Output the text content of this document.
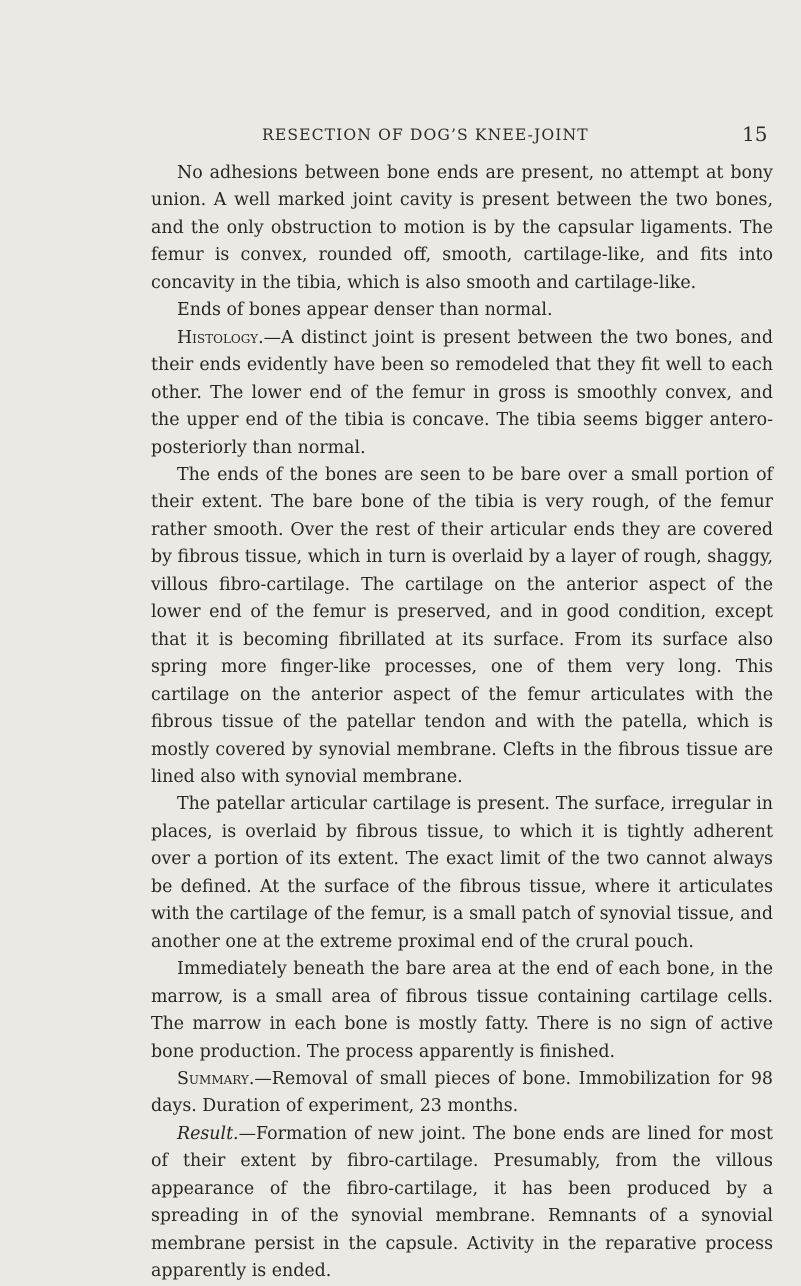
RESECTION OF DOG’S KNEE-JOINT	15

No adhesions between bone ends are present, no attempt at bony union. A well marked joint cavity is present between the two bones, and the only obstruction to motion is by the capsular ligaments. The femur is convex, rounded off, smooth, cartilage-like, and fits into concavity in the tibia, which is also smooth and cartilage-like.

Ends of bones appear denser than normal.

Histology.—A distinct joint is present between the two bones, and their ends evidently have been so remodeled that they fit well to each other. The lower end of the femur in gross is smoothly convex, and the upper end of the tibia is concave. The tibia seems bigger antero-posteriorly than normal.

The ends of the bones are seen to be bare over a small portion of their extent. The bare bone of the tibia is very rough, of the femur rather smooth. Over the rest of their articular ends they are covered by fibrous tissue, which in turn is overlaid by a layer of rough, shaggy, villous fibro-cartilage. The cartilage on the anterior aspect of the lower end of the femur is preserved, and in good condition, except that it is becoming fibrillated at its surface. From its surface also spring more finger-like processes, one of them very long. This cartilage on the anterior aspect of the femur articulates with the fibrous tissue of the patellar tendon and with the patella, which is mostly covered by synovial membrane. Clefts in the fibrous tissue are lined also with synovial membrane.

The patellar articular cartilage is present. The surface, irregular in places, is overlaid by fibrous tissue, to which it is tightly adherent over a portion of its extent. The exact limit of the two cannot always be defined. At the surface of the fibrous tissue, where it articulates with the cartilage of the femur, is a small patch of synovial tissue, and another one at the extreme proximal end of the crural pouch.

Immediately beneath the bare area at the end of each bone, in the marrow, is a small area of fibrous tissue containing cartilage cells. The marrow in each bone is mostly fatty. There is no sign of active bone production. The process apparently is finished.

Summary.—Removal of small pieces of bone. Immobilization for 98 days. Duration of experiment, 23 months.

Result.—Formation of new joint. The bone ends are lined for most of their extent by fibro-cartilage. Presumably, from the villous appearance of the fibro-cartilage, it has been produced by a spreading in of the synovial membrane. Remnants of a synovial membrane persist in the capsule. Activity in the reparative process apparently is ended.
